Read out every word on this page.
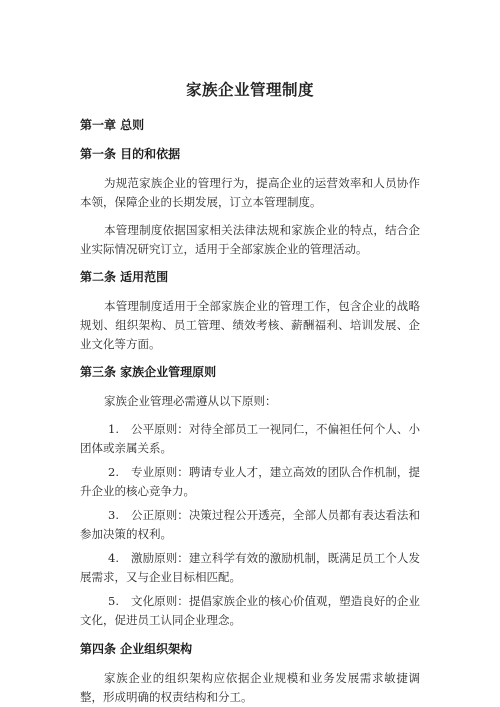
家族企业管理制度
第一章 总则
第一条 目的和依据

为规范家族企业的管理行为，提高企业的运营效率和人员协作本领，保障企业的长期发展，订立本管理制度。

本管理制度依据国家相关法律法规和家族企业的特点，结合企业实际情况研究订立，适用于全部家族企业的管理活动。

第二条 适用范围

本管理制度适用于全部家族企业的管理工作，包含企业的战略规划、组织架构、员工管理、绩效考核、薪酬福利、培训发展、企业文化等方面。

第三条 家族企业管理原则

家族企业管理必需遵从以下原则：

1. 公平原则：对待全部员工一视同仁，不偏袒任何个人、小团体或亲属关系。
2. 专业原则：聘请专业人才，建立高效的团队合作机制，提升企业的核心竞争力。
3. 公正原则：决策过程公开透亮，全部人员都有表达看法和参加决策的权利。
4. 激励原则：建立科学有效的激励机制，既满足员工个人发展需求，又与企业目标相匹配。
5. 文化原则：提倡家族企业的核心价值观，塑造良好的企业文化，促进员工认同企业理念。
第四条 企业组织架构

家族企业的组织架构应依据企业规模和业务发展需求敏捷调整，形成明确的权责结构和分工。
